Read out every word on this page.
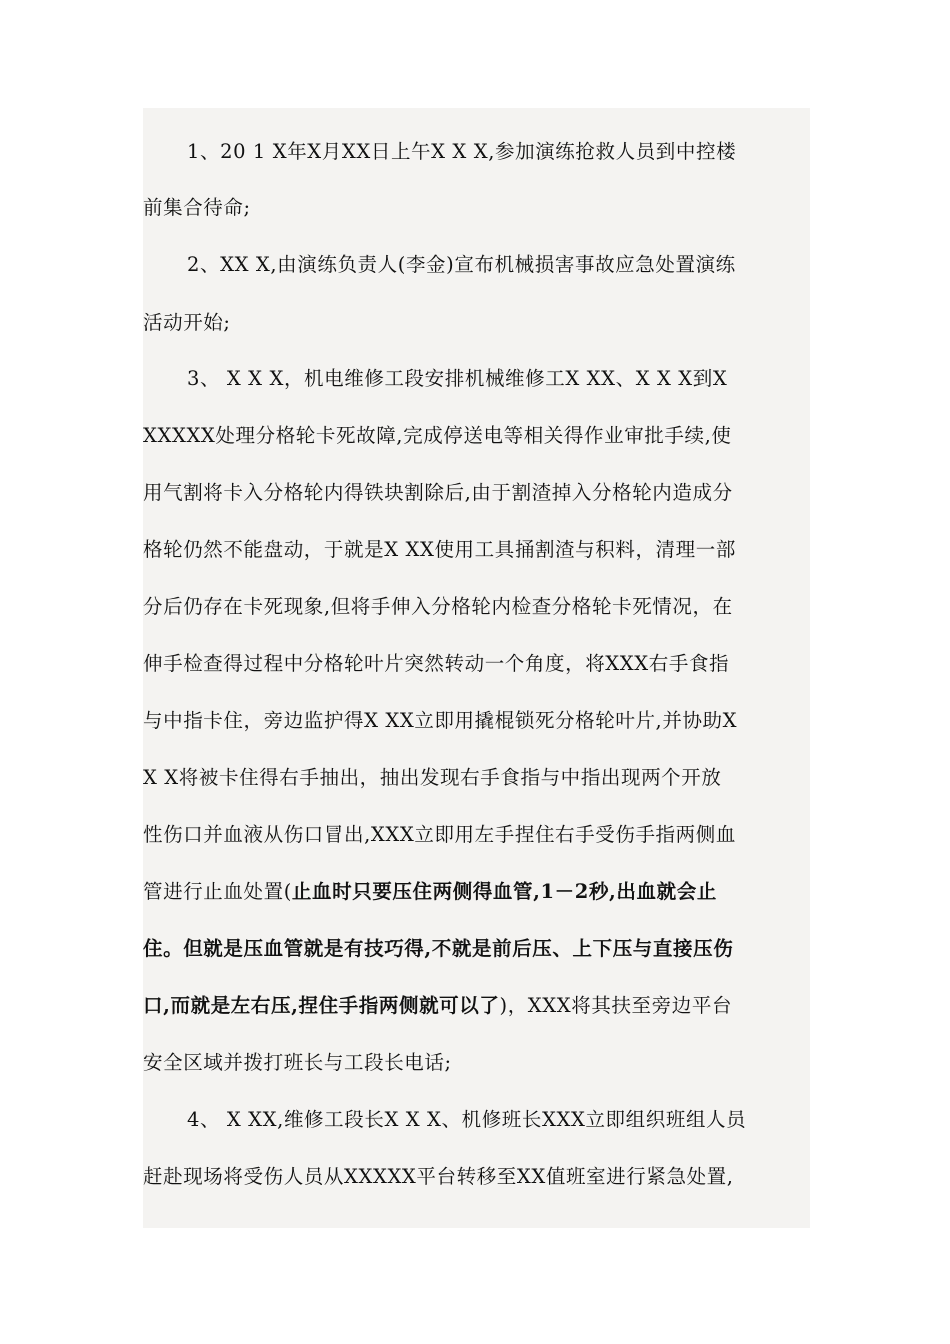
1、20 1 X年X月XX日上午X X X,参加演练抢救人员到中控楼
前集合待命;
2、XX X,由演练负责人(李金)宣布机械损害事故应急处置演练
活动开始;
3、 X X X，机电维修工段安排机械维修工X XX、X X X到X
XXXXX处理分格轮卡死故障,完成停送电等相关得作业审批手续,使
用气割将卡入分格轮内得铁块割除后,由于割渣掉入分格轮内造成分
格轮仍然不能盘动，于就是X XX使用工具捅割渣与积料，清理一部
分后仍存在卡死现象,但将手伸入分格轮内检查分格轮卡死情况，在
伸手检查得过程中分格轮叶片突然转动一个角度，将XXX右手食指
与中指卡住，旁边监护得X XX立即用撬棍锁死分格轮叶片,并协助X
X X将被卡住得右手抽出，抽出发现右手食指与中指出现两个开放
性伤口并血液从伤口冒出,XXX立即用左手捏住右手受伤手指两侧血
管进行止血处置(止血时只要压住两侧得血管,1－2秒,出血就会止
住。但就是压血管就是有技巧得,不就是前后压、上下压与直接压伤
口,而就是左右压,捏住手指两侧就可以了)，XXX将其扶至旁边平台
安全区域并拨打班长与工段长电话;
4、 X XX,维修工段长X X X、机修班长XXX立即组织班组人员
赶赴现场将受伤人员从XXXXX平台转移至XX值班室进行紧急处置,
